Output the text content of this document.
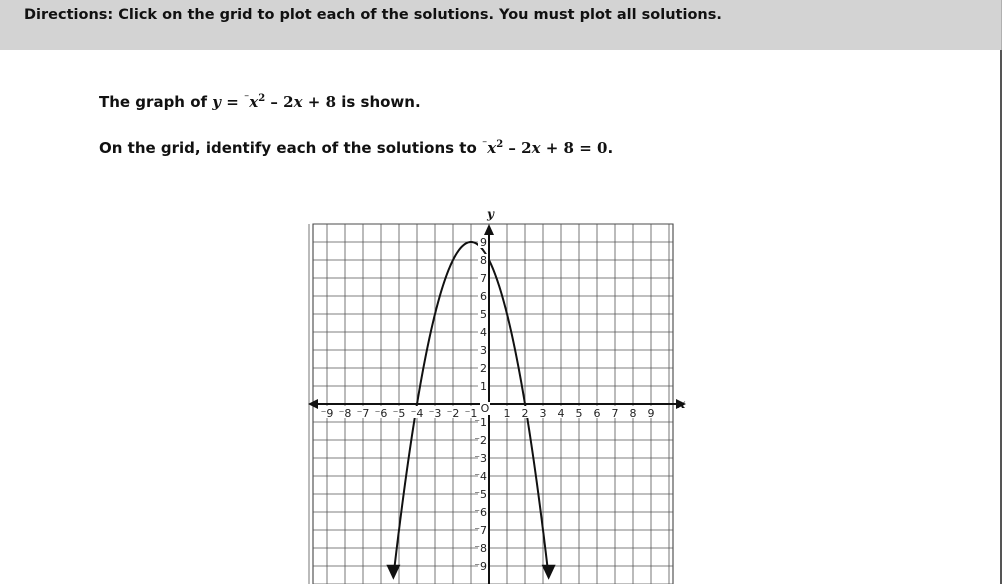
Directions: Click on the grid to plot each of the solutions. You must plot all solutions.
The graph of $y = ^{^-}x^2 - 2x + 8$ is shown.
On the grid, identify each of the solutions to $^{^-}x^2 - 2x + 8 = 0$.
x
y
⁻9 ⁻8 ⁻7 ⁻6 ⁻5 ⁻4 ⁻3 ⁻2 ⁻1 1 2 3 4 5 6 7 8 9
O
9
8
7
6
5
4
3
2
1
⁻1
⁻2
⁻3
⁻4
⁻5
⁻6
⁻7
⁻8
⁻9
